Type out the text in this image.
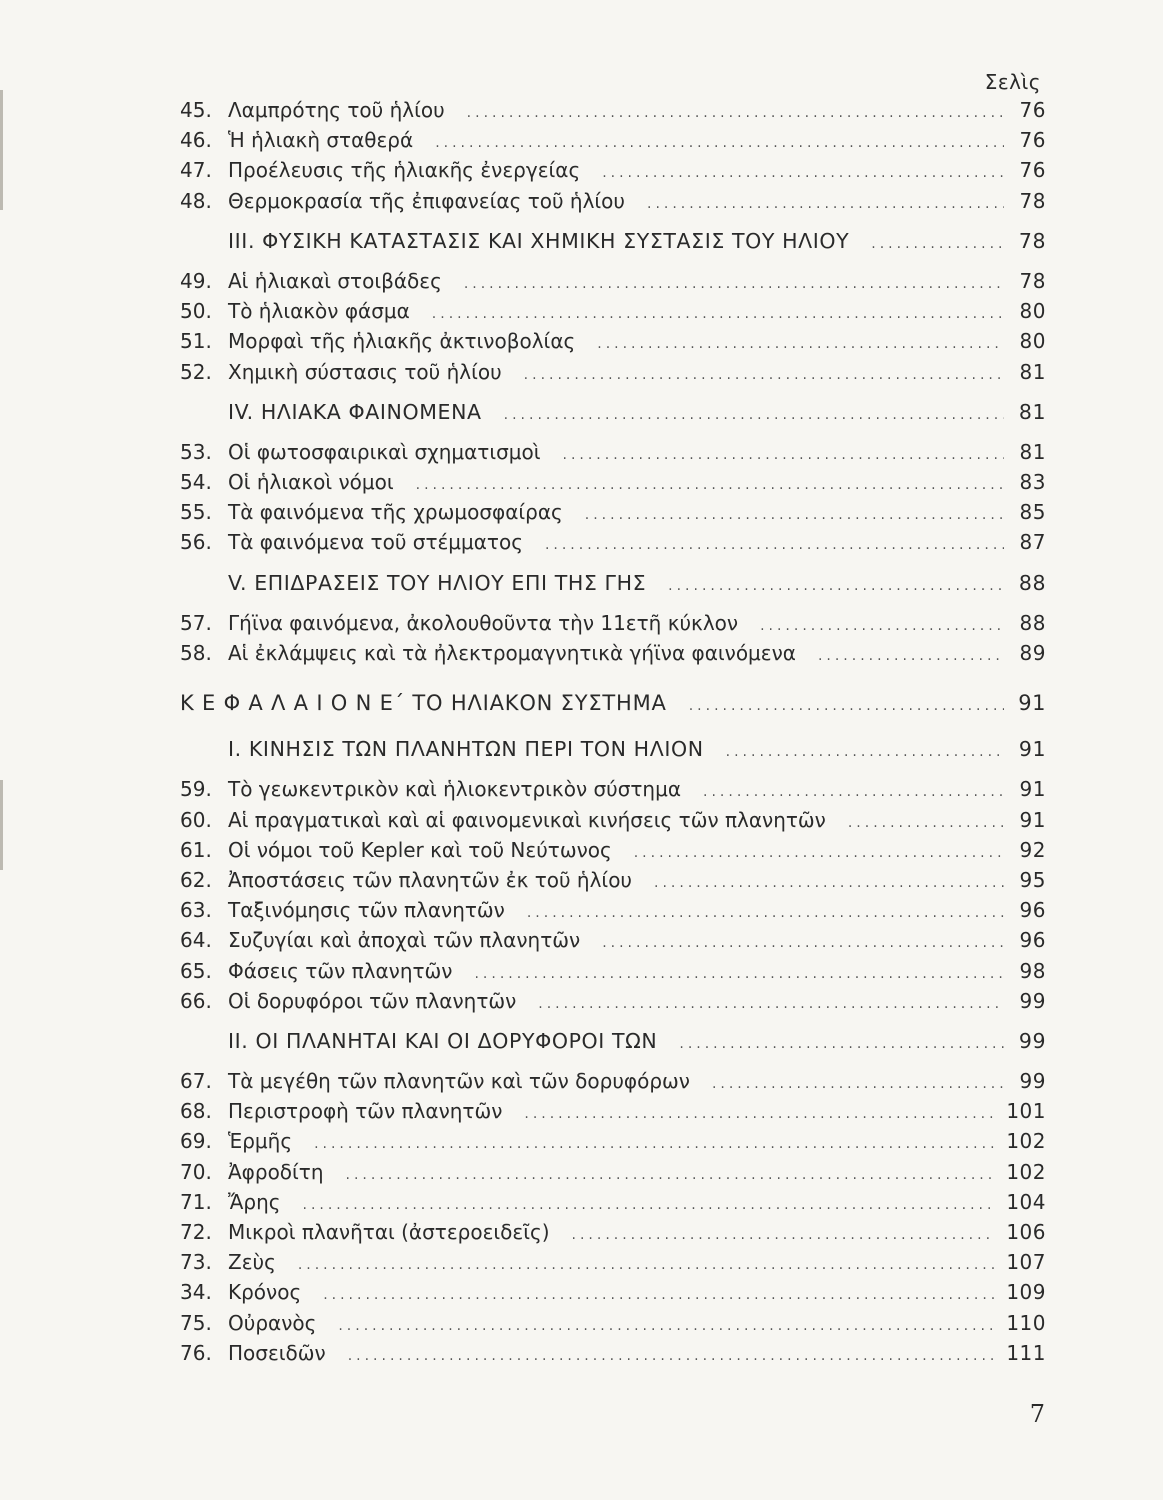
Σελὶς
45. Λαμπρότης τοῦ ἡλίου .....	76
46. Ἡ ἡλιακὴ σταθερά .....	76
47. Προέλευσις τῆς ἡλιακῆς ἐνεργείας .....	76
48. Θερμοκρασία τῆς ἐπιφανείας τοῦ ἡλίου .....	78
III. ΦΥΣΙΚΗ ΚΑΤΑΣΤΑΣΙΣ ΚΑΙ ΧΗΜΙΚΗ ΣΥΣΤΑΣΙΣ ΤΟΥ ΗΛΙΟΥ .....	78
49. Αἱ ἡλιακαὶ στοιβάδες .....	78
50. Τὸ ἡλιακὸν φάσμα .....	80
51. Μορφαὶ τῆς ἡλιακῆς ἀκτινοβολίας .....	80
52. Χημικὴ σύστασις τοῦ ἡλίου .....	81
IV. ΗΛΙΑΚΑ ΦΑΙΝΟΜΕΝΑ .....	81
53. Οἱ φωτοσφαιρικαὶ σχηματισμοὶ .....	81
54. Οἱ ἡλιακοὶ νόμοι .....	83
55. Τὰ φαινόμενα τῆς χρωμοσφαίρας .....	85
56. Τὰ φαινόμενα τοῦ στέμματος .....	87
V. ΕΠΙΔΡΑΣΕΙΣ ΤΟΥ ΗΛΙΟΥ ΕΠΙ ΤΗΣ ΓΗΣ .....	88
57. Γήϊνα φαινόμενα, ἀκολουθοῦντα τὴν 11ετῆ κύκλον .....	88
58. Αἱ ἐκλάμψεις καὶ τὰ ἠλεκτρομαγνητικὰ γήϊνα φαινόμενα .....	89
Κ Ε Φ Α Λ Α Ι Ο Ν Ε΄ ΤΟ ΗΛΙΑΚΟΝ ΣΥΣΤΗΜΑ .....	91
I. ΚΙΝΗΣΙΣ ΤΩΝ ΠΛΑΝΗΤΩΝ ΠΕΡΙ ΤΟΝ ΗΛΙΟΝ .....	91
59. Τὸ γεωκεντρικὸν καὶ ἡλιοκεντρικὸν σύστημα .....	91
60. Αἱ πραγματικαὶ καὶ αἱ φαινομενικαὶ κινήσεις τῶν πλανητῶν .....	91
61. Οἱ νόμοι τοῦ Kepler καὶ τοῦ Νεύτωνος .....	92
62. Ἀποστάσεις τῶν πλανητῶν ἐκ τοῦ ἡλίου .....	95
63. Ταξινόμησις τῶν πλανητῶν .....	96
64. Συζυγίαι καὶ ἀποχαὶ τῶν πλανητῶν .....	96
65. Φάσεις τῶν πλανητῶν .....	98
66. Οἱ δορυφόροι τῶν πλανητῶν .....	99
II. ΟΙ ΠΛΑΝΗΤΑΙ ΚΑΙ ΟΙ ΔΟΡΥΦΟΡΟΙ ΤΩΝ .....	99
67. Τὰ μεγέθη τῶν πλανητῶν καὶ τῶν δορυφόρων .....	99
68. Περιστροφὴ τῶν πλανητῶν .....	101
69. Ἑρμῆς .....	102
70. Ἀφροδίτη .....	102
71. Ἄρης .....	104
72. Μικροὶ πλανῆται (ἀστεροειδεῖς) .....	106
73. Ζεὺς .....	107
34. Κρόνος .....	109
75. Οὐρανὸς .....	110
76. Ποσειδῶν .....	111
7
